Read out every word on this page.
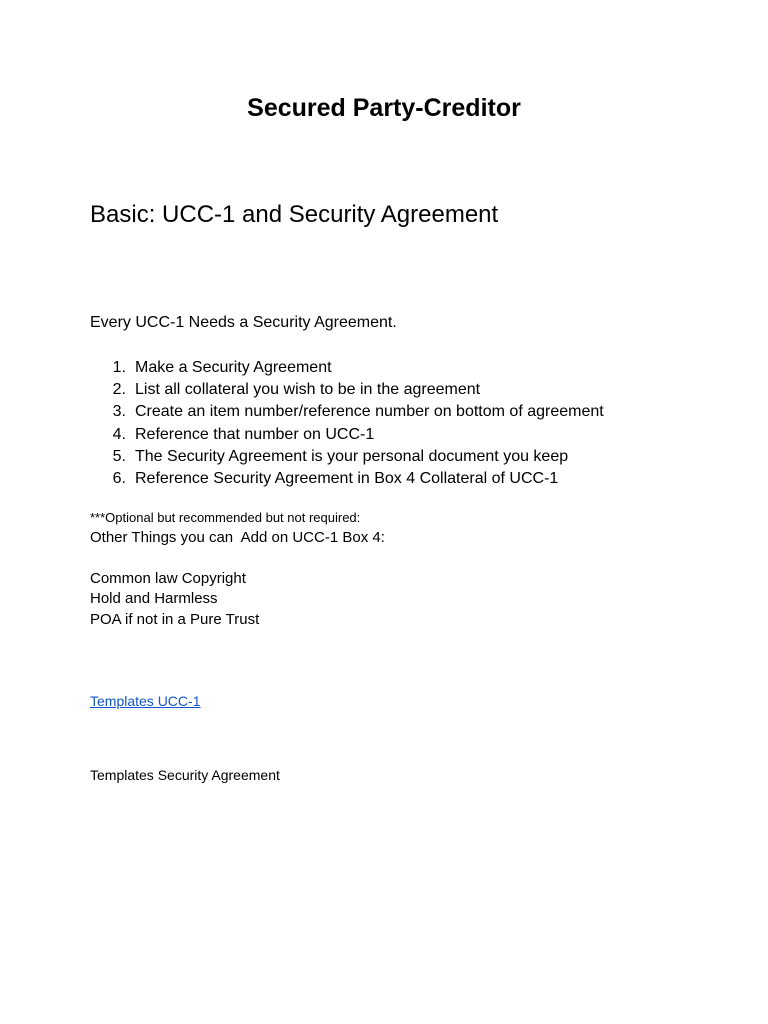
Secured Party-Creditor
Basic: UCC-1 and Security Agreement

Every UCC-1 Needs a Security Agreement.

1. Make a Security Agreement
2. List all collateral you wish to be in the agreement
3. Create an item number/reference number on bottom of agreement
4. Reference that number on UCC-1
5. The Security Agreement is your personal document you keep
6. Reference Security Agreement in Box 4 Collateral of UCC-1

***Optional but recommended but not required:

Other Things you can  Add on UCC-1 Box 4:

Common law Copyright
Hold and Harmless
POA if not in a Pure Trust
Templates UCC-1

Templates Security Agreement
